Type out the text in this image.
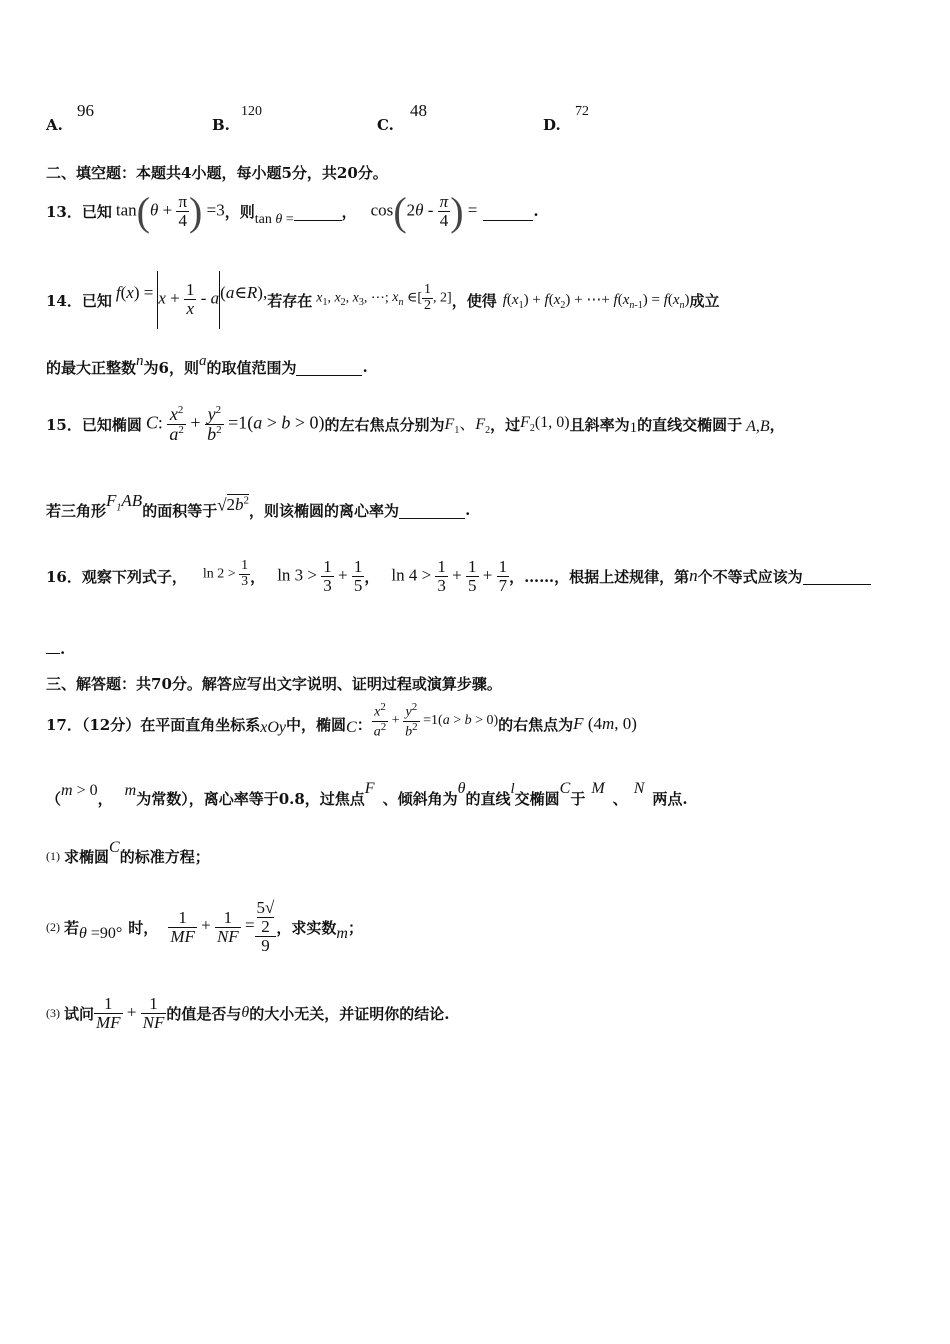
A.
96
B.
120
C.
48
D.
72
二、填空题：本题共4小题，每小题5分，共20分。
13．已知 $\tan(\theta + \frac{\pi}{4}$ ) =3 ，则 tan θ =	， $\cos(2\theta - \frac{\pi}{4}$ ) =	.
14．已知 f $(x) = x + \frac{1}{x} - a$ (a∈R), 若存在 $x_1$, $x_2$, $x_3$, ⋯; $x_n$ ∈[ $\frac{1}{2}$ , 2] ，使得 $f(x_1) + f(x_2)$ + ⋯+ $f(x_{n-1}) = f(x_n)$ 成立
的最大正整数 n 为6，则 a 的取值范围为	.
15．已知椭圆 C: $\frac{x^2}{a^2} + \frac{y^2}{b^2} =1(a > b > 0)$ 的左右焦点分别为 $F_1$、$F_2$ ，过 $F_2(1$, 0) 且斜率为 1 的直线交椭圆于 A,B ，
若三角形
$F_1AB$
的面积等于 $√2b^2$
，则该椭圆的离心率为	.
16．观察下列式子， $\ln 2 > \frac{1}{3}$ ， $\ln 3 > \frac{1}{3} + \frac{1}{5}$ ， $\ln 4 > \frac{1}{3} + \frac{1}{5} + \frac{1}{7}$ ，……，根据上述规律，第 n 个不等式应该为
.
三、解答题：共70分。解答应写出文字说明、证明过程或演算步骤。
17．（12分）在平面直角坐标系 xOy 中，椭圆 C ： $\frac{x^2}{a^2} + \frac{y^2}{b^2} =1(a > b > 0)$ 的右焦点为 F (4m, 0)
（ m > 0 ， m 为常数），离心率等于0.8，过焦点
F
、倾斜角为
θ
的直线
l
交椭圆
C
于
M
、
N
两点.
(1) 求椭圆 C 的标准方程；
(2) 若 θ =90° 时， $\frac{1}{MF} + \frac{1}{NF} = 5√$
2
9 ，求实数 m ；
(3) 试问 $\frac{1}{MF} + \frac{1}{NF}$ 的值是否与 θ 的大小无关，并证明你的结论.
